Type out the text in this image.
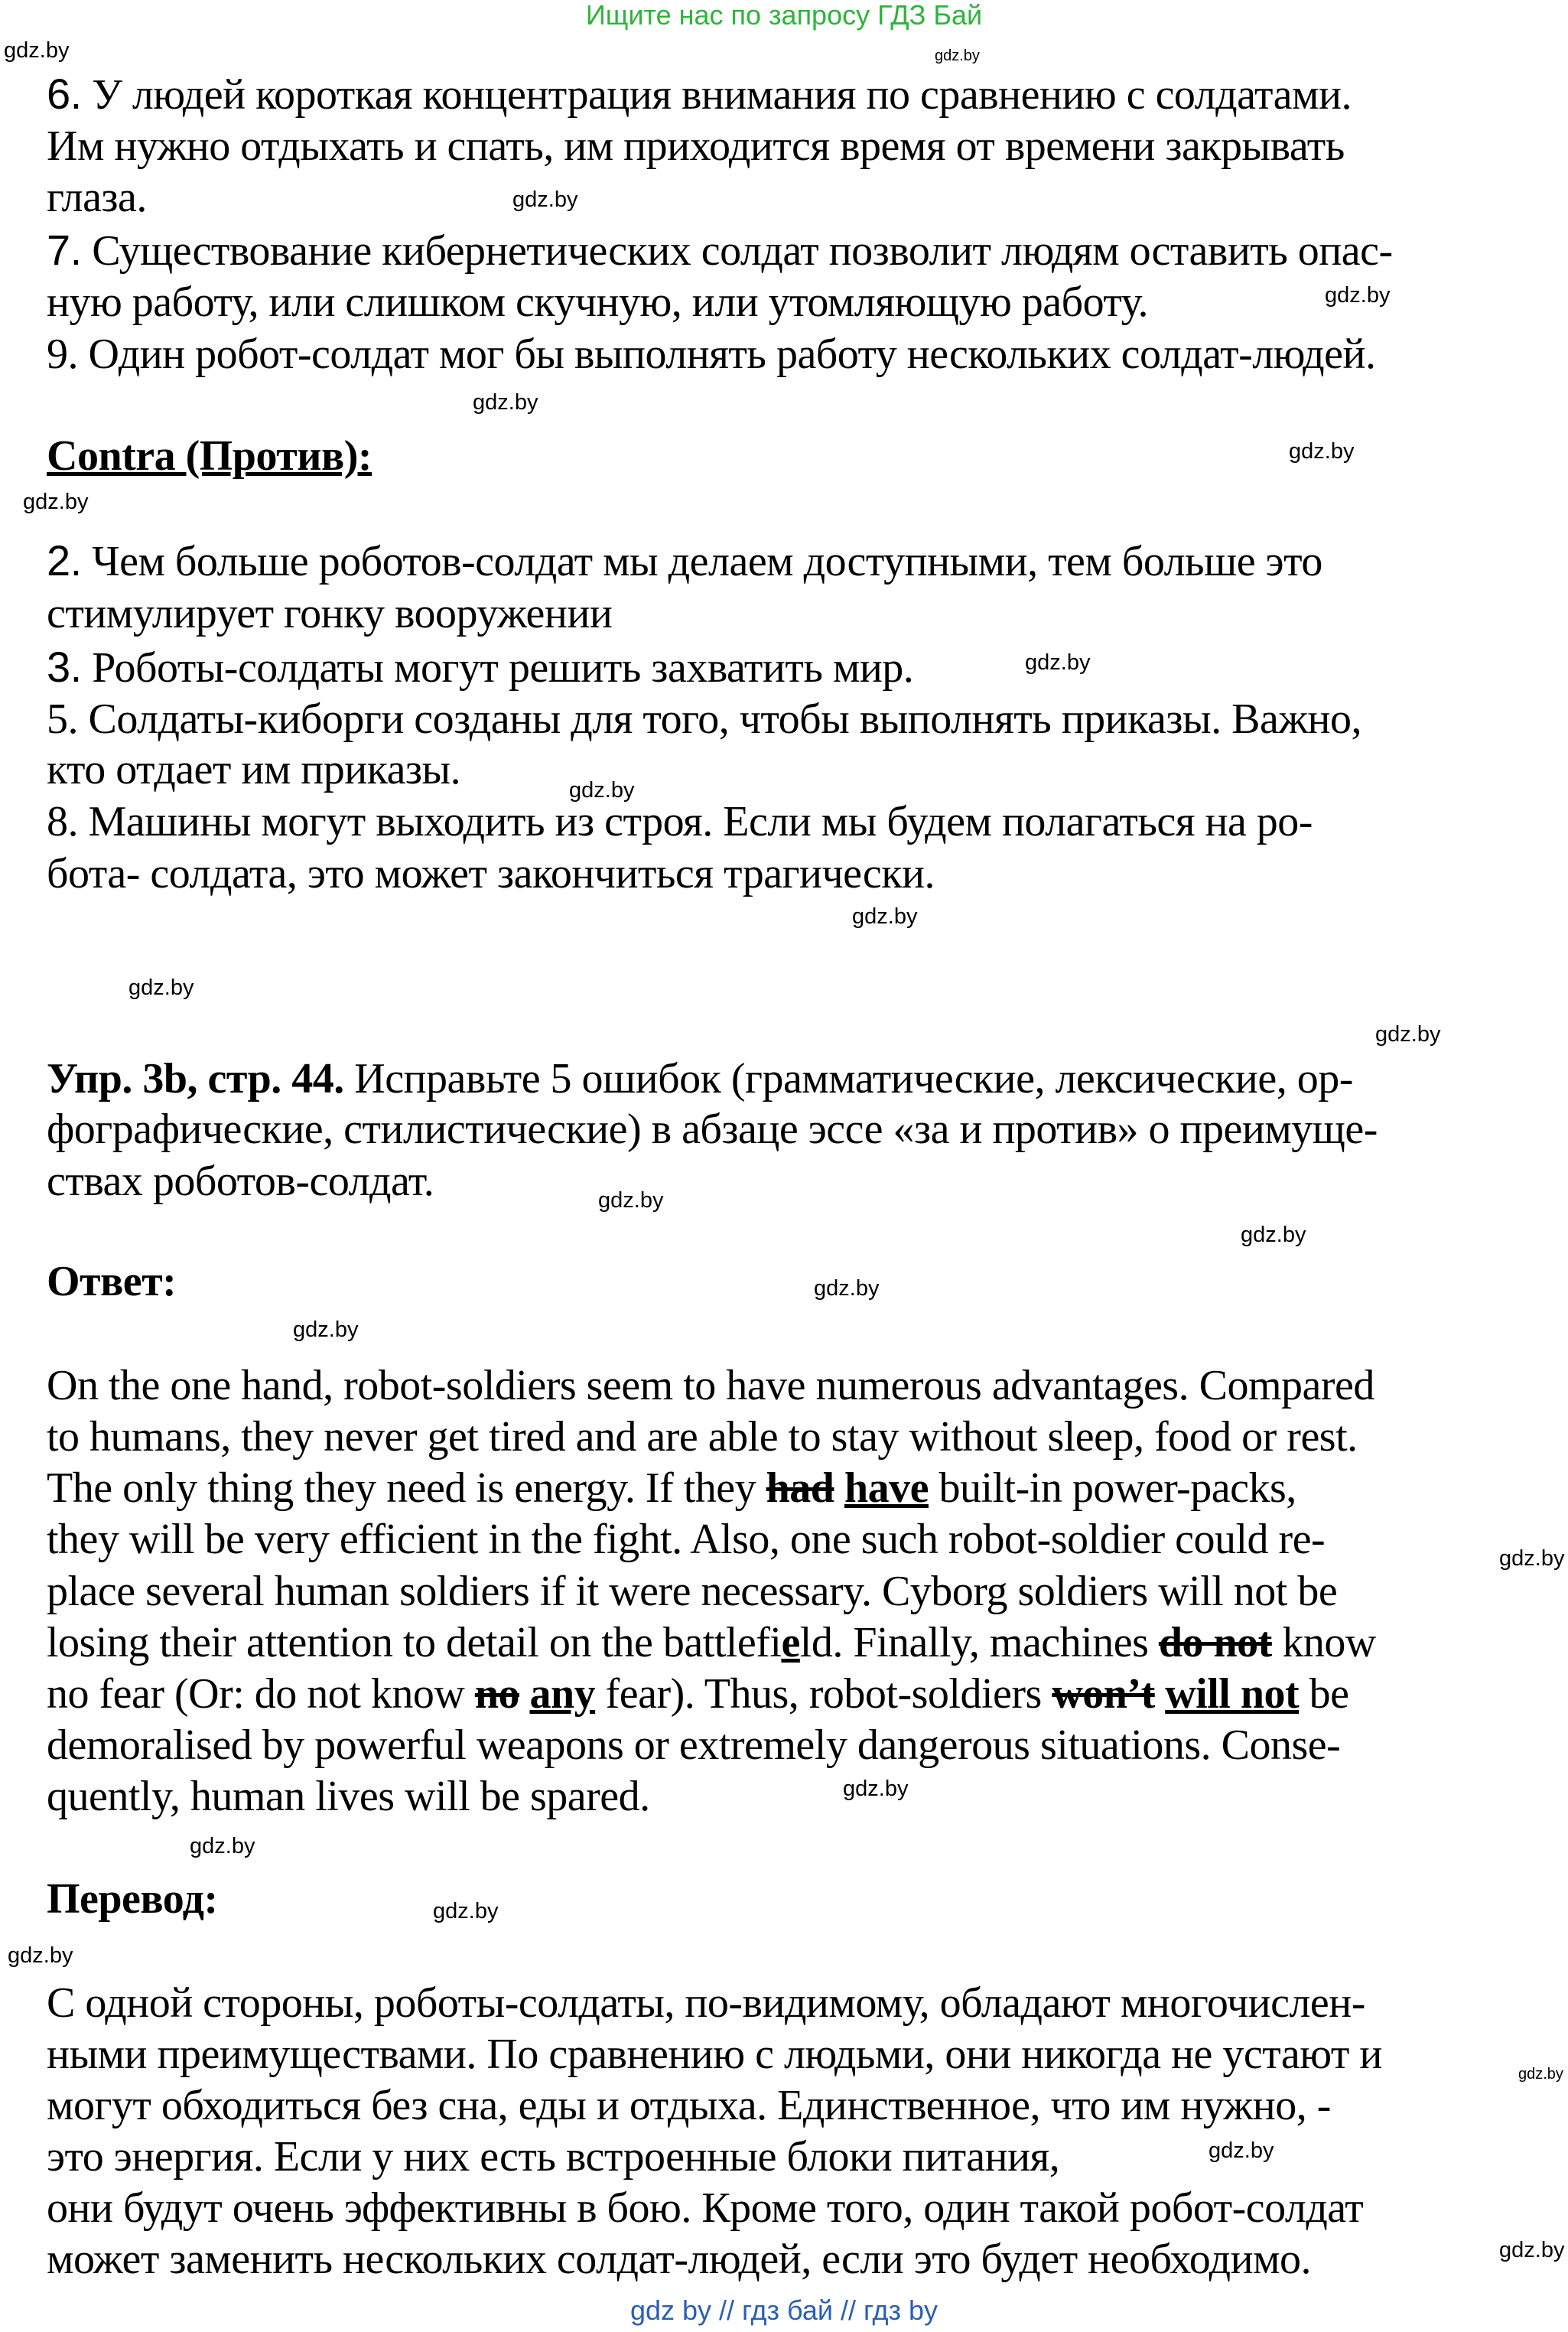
Ищите нас по запросу ГДЗ Бай
6. У людей короткая концентрация внимания по сравнению с солдатами.
Им нужно отдыхать и спать, им приходится время от времени закрывать
глаза.
7. Существование кибернетических солдат позволит людям оставить опас-
ную работу, или слишком скучную, или утомляющую работу.
9. Один робот-солдат мог бы выполнять работу нескольких солдат-людей.
Contra (Против):
2. Чем больше роботов-солдат мы делаем доступными, тем больше это
стимулирует гонку вооружении
3. Роботы-солдаты могут решить захватить мир.
5. Солдаты-киборги созданы для того, чтобы выполнять приказы. Важно,
кто отдает им приказы.
8. Машины могут выходить из строя. Если мы будем полагаться на ро-
бота- солдата, это может закончиться трагически.
Упр. 3b, стр. 44. Исправьте 5 ошибок (грамматические, лексические, ор-
фографические, стилистические) в абзаце эссе «за и против» о преимуще-
ствах роботов-солдат.
Ответ:
On the one hand, robot-soldiers seem to have numerous advantages. Compared
to humans, they never get tired and are able to stay without sleep, food or rest.
The only thing they need is energy. If they had have built-in power-packs,
they will be very efficient in the fight. Also, one such robot-soldier could re-
place several human soldiers if it were necessary. Cyborg soldiers will not be
losing their attention to detail on the battlefield. Finally, machines do not know
no fear (Or: do not know no any fear). Thus, robot-soldiers won’t will not be
demoralised by powerful weapons or extremely dangerous situations. Conse-
quently, human lives will be spared.
Перевод:
С одной стороны, роботы-солдаты, по-видимому, обладают многочислен-
ными преимуществами. По сравнению с людьми, они никогда не устают и
могут обходиться без сна, еды и отдыха. Единственное, что им нужно, -
это энергия. Если у них есть встроенные блоки питания,
они будут очень эффективны в бою. Кроме того, один такой робот-солдат
может заменить нескольких солдат-людей, если это будет необходимо.
gdz.by	gdz.by
gdz.by
gdz.by
gdz.by
gdz.by
gdz.by
gdz.by
gdz.by
gdz.by
gdz.by
gdz.by
gdz.by
gdz.by
gdz.by
gdz.by
gdz.by
gdz.by
gdz.by
gdz.by
gdz.by
gdz.by
gdz.by
gdz.by
gdz by // гдз бай // гдз by
